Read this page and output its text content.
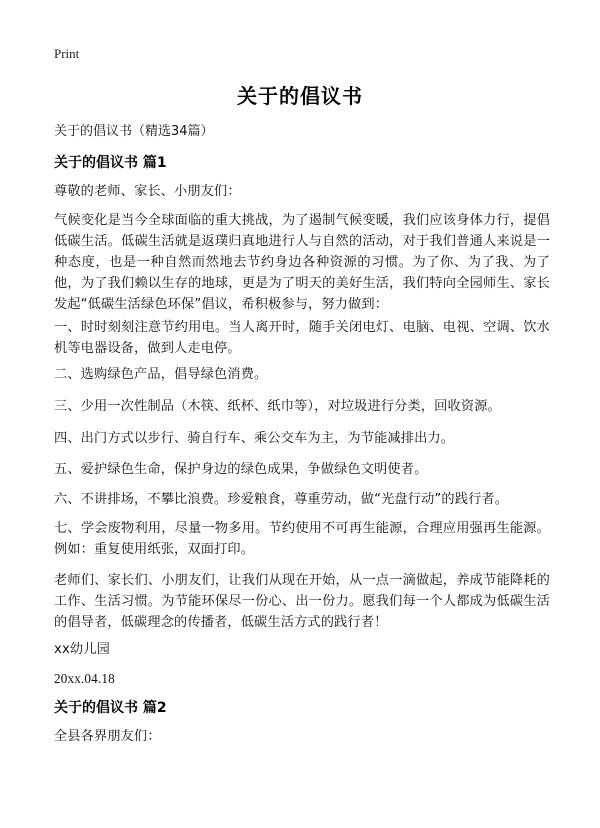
Print
关于的倡议书
关于的倡议书（精选34篇）
关于的倡议书 篇1
尊敬的老师、家长、小朋友们：
气候变化是当今全球面临的重大挑战，为了遏制气候变暖，我们应该身体力行，提倡低碳生活。低碳生活就是返璞归真地进行人与自然的活动，对于我们普通人来说是一种态度，也是一种自然而然地去节约身边各种资源的习惯。为了你、为了我、为了他，为了我们赖以生存的地球，更是为了明天的美好生活，我们特向全园师生、家长发起“低碳生活绿色环保”倡议，希积极参与，努力做到：
一、时时刻刻注意节约用电。当人离开时，随手关闭电灯、电脑、电视、空调、饮水机等电器设备，做到人走电停。
二、选购绿色产品，倡导绿色消费。
三、少用一次性制品（木筷、纸杯、纸巾等），对垃圾进行分类，回收资源。
四、出门方式以步行、骑自行车、乘公交车为主，为节能减排出力。
五、爱护绿色生命，保护身边的绿色成果，争做绿色文明使者。
六、不讲排场，不攀比浪费。珍爱粮食，尊重劳动，做“光盘行动”的践行者。
七、学会废物利用，尽量一物多用。节约使用不可再生能源，合理应用强再生能源。例如：重复使用纸张，双面打印。
老师们、家长们、小朋友们，让我们从现在开始，从一点一滴做起，养成节能降耗的工作、生活习惯。为节能环保尽一份心、出一份力。愿我们每一个人都成为低碳生活的倡导者，低碳理念的传播者，低碳生活方式的践行者！
xx幼儿园
20xx.04.18
关于的倡议书 篇2
全县各界朋友们：
